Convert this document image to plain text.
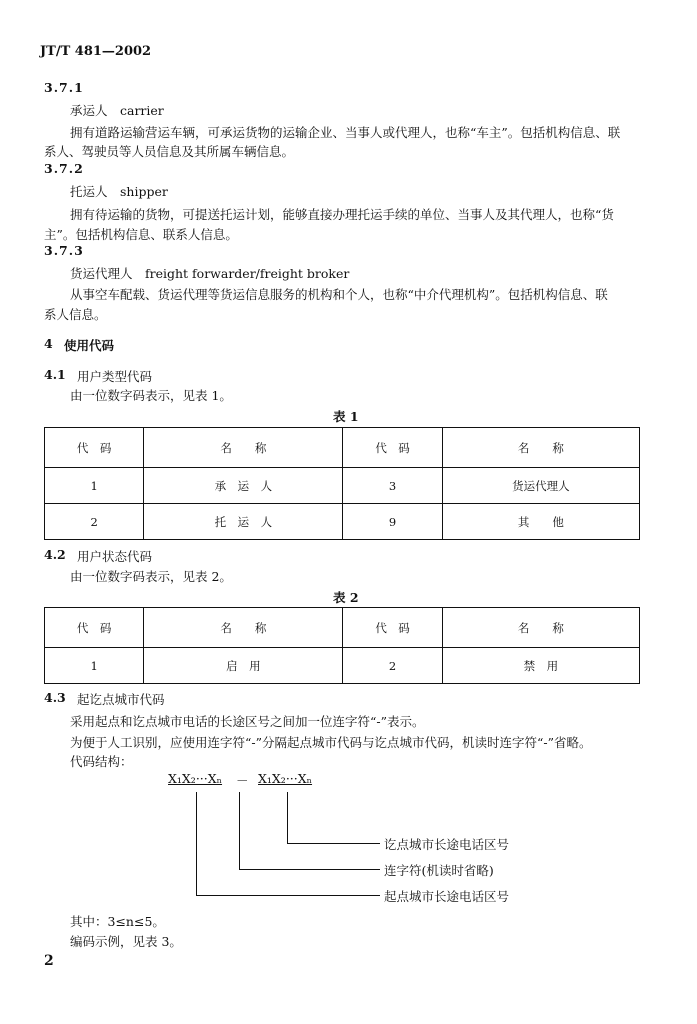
JT/T 481—2002
3.7.1
承运人　carrier
拥有道路运输营运车辆，可承运货物的运输企业、当事人或代理人，也称“车主”。包括机构信息、联
系人、驾驶员等人员信息及其所属车辆信息。
3.7.2
托运人　shipper
拥有待运输的货物，可提送托运计划，能够直接办理托运手续的单位、当事人及其代理人，也称“货
主”。包括机构信息、联系人信息。
3.7.3
货运代理人　freight forwarder/freight broker
从事空车配载、货运代理等货运信息服务的机构和个人，也称“中介代理机构”。包括机构信息、联
系人信息。
4 使用代码
4.1 用户类型代码
由一位数字码表示，见表 1。
表 1
代　码	名　　称	代　码	名　　称
1	承　运　人	3	货运代理人
2	托　运　人	9	其　　他
4.2 用户状态代码
由一位数字码表示，见表 2。
表 2
代　码	名　　称	代　码	名　　称
1	启　用	2	禁　用
4.3 起讫点城市代码
采用起点和讫点城市电话的长途区号之间加一位连字符“-”表示。
为便于人工识别，应使用连字符“-”分隔起点城市代码与讫点城市代码，机读时连字符“-”省略。
代码结构：
X₁X₂···Xₙ － X₁X₂···Xₙ
讫点城市长途电话区号
连字符(机读时省略)
起点城市长途电话区号
其中：3≤n≤5。
编码示例，见表 3。
2
